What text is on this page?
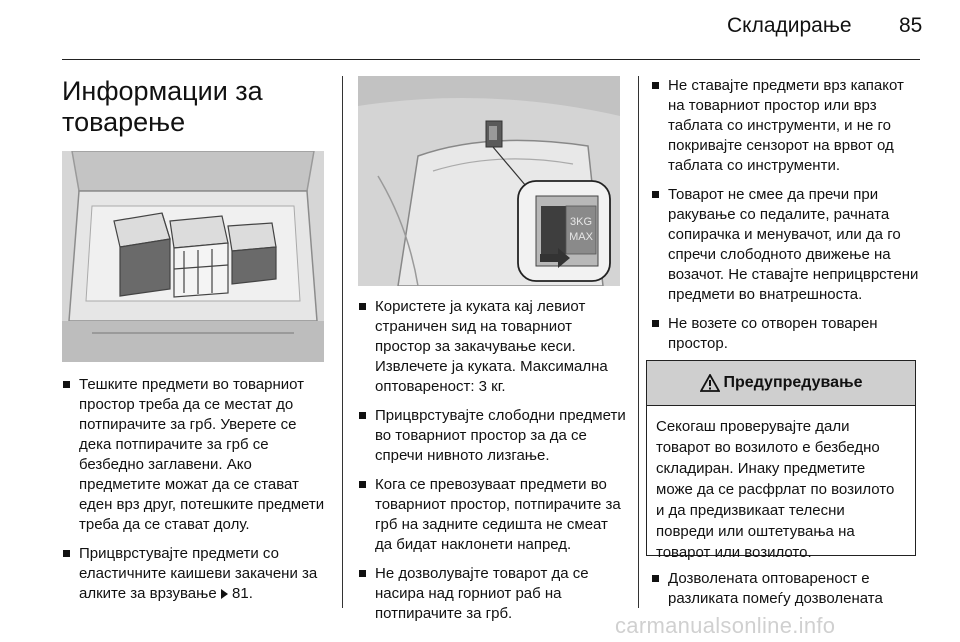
Складирање 85
Информации за товарење
Тешките предмети во товарниот простор треба да се местат до потпирачите за грб. Уверете се дека потпирачите за грб се безбедно заглавени. Ако предметите можат да се стават еден врз друг, потешките предмети треба да се стават долу.
Прицврстувајте предмети со еластичните каишеви закачени за алките за врзување 81.
3KG
MAX
Користете ја куката кај левиот страничен sид на товарниот простор за закачување кеси. Извлечете ја куката. Максимална оптовареност: 3 кг.
Прицврстувајте слободни предмети во товарниот простор за да се спречи нивното лизгање.
Кога се превозуваат предмети во товарниот простор, потпирачите за грб на задните седишта не смеат да бидат наклонети напред.
Не дозволувајте товарот да се насира над горниот раб на потпирачите за грб.
Не ставајте предмети врз капакот на товарниот простор или врз таблата со инструменти, и не го покривајте сензорот на врвот од таблата со инструменти.
Товарот не смее да пречи при ракување со педалите, рачната сопирачка и менувачот, или да го спречи слободното движење на возачот. Не ставајте неприцврстени предмети во внатрешноста.
Не возете со отворен товарен простор.
Предупредување
Секогаш проверувајте дали товарот во возилото е безбедно складиран. Инаку предметите може да се расфрлат по возилото и да предизвикаат телесни повреди или оштетувања на товарот или возилото.
Дозволената оптовареност е разликата помеѓу дозволената
carmanualsonline.info
